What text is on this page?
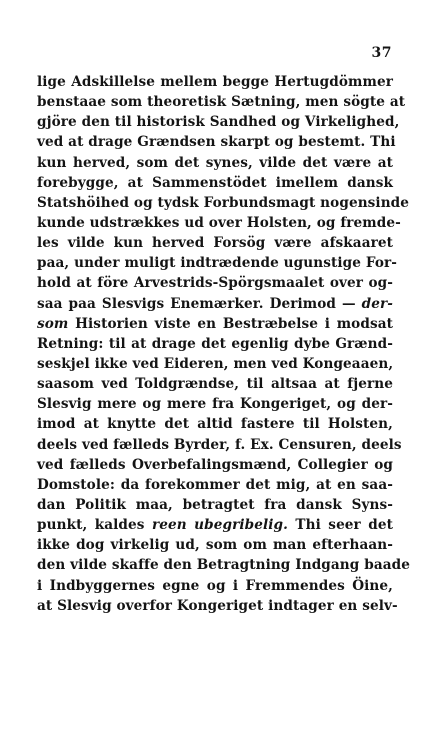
37
lige Adskillelse mellem begge Hertugdömmer
benstaae som theoretisk Sætning, men sögte at
gjöre den til historisk Sandhed og Virkelighed,
ved at drage Grændsen skarpt og bestemt. Thi
kun herved, som det synes, vilde det være at
forebygge, at Sammenstödet imellem dansk
Statshöihed og tydsk Forbundsmagt nogensinde
kunde udstrækkes ud over Holsten, og fremde-
les vilde kun herved Forsög være afskaaret
paa, under muligt indtrædende ugunstige For-
hold at före Arvestrids-Spörgsmaalet over og-
saa paa Slesvigs Enemærker. Derimod — der-
som Historien viste en Bestræbelse i modsat
Retning: til at drage det egenlig dybe Grænd-
seskjel ikke ved Eideren, men ved Kongeaaen,
saasom ved Toldgrændse, til altsaa at fjerne
Slesvig mere og mere fra Kongeriget, og der-
imod at knytte det altid fastere til Holsten,
deels ved fælleds Byrder, f. Ex. Censuren, deels
ved fælleds Overbefalingsmænd, Collegier og
Domstole: da forekommer det mig, at en saa-
dan Politik maa, betragtet fra dansk Syns-
punkt, kaldes reen ubegribelig. Thi seer det
ikke dog virkelig ud, som om man efterhaan-
den vilde skaffe den Betragtning Indgang baade
i Indbyggernes egne og i Fremmendes Öine,
at Slesvig overfor Kongeriget indtager en selv-
